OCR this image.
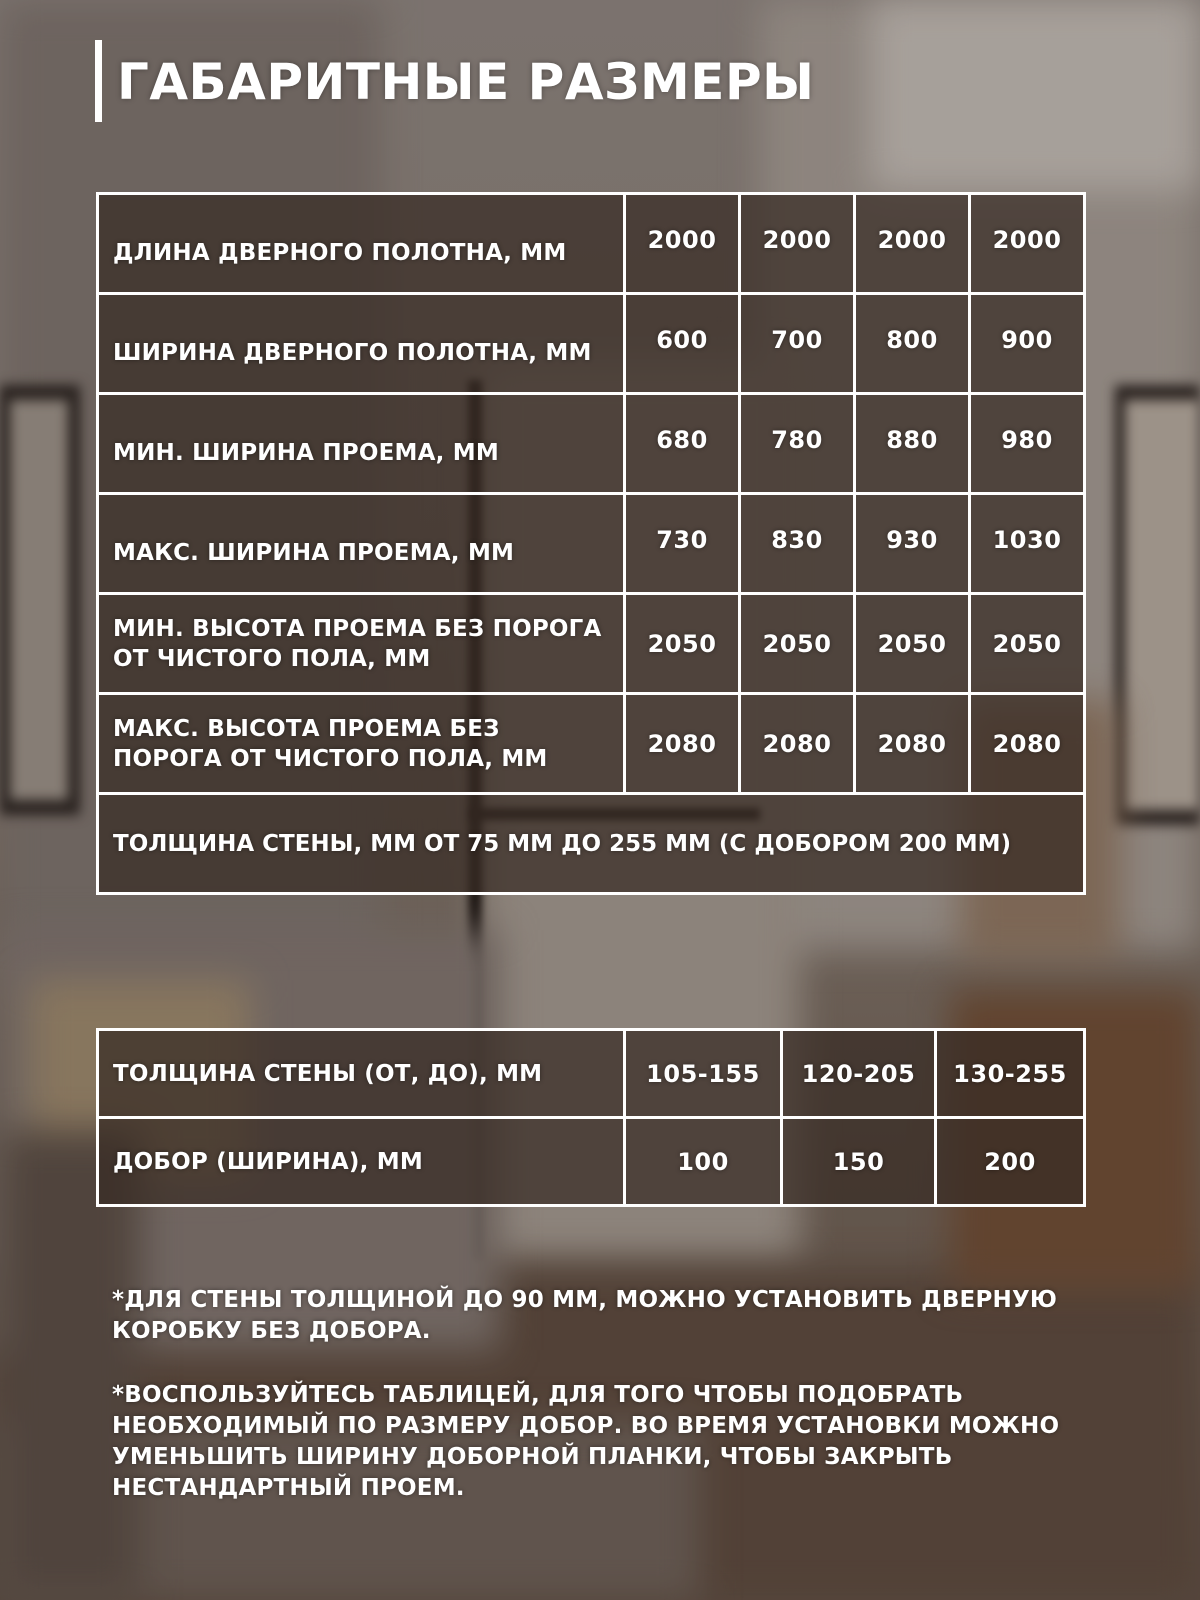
ГАБАРИТНЫЕ РАЗМЕРЫ
ДЛИНА ДВЕРНОГО ПОЛОТНА, ММ	2000	2000	2000	2000
ШИРИНА ДВЕРНОГО ПОЛОТНА, ММ	600	700	800	900
МИН. ШИРИНА ПРОЕМА, ММ	680	780	880	980
МАКС. ШИРИНА ПРОЕМА, ММ	730	830	930	1030
МИН. ВЫСОТА ПРОЕМА БЕЗ ПОРОГА ОТ ЧИСТОГО ПОЛА, ММ	2050	2050	2050	2050
МАКС. ВЫСОТА ПРОЕМА БЕЗ ПОРОГА ОТ ЧИСТОГО ПОЛА, ММ	2080	2080	2080	2080
ТОЛЩИНА СТЕНЫ, ММ ОТ 75 ММ ДО 255 ММ (С ДОБОРОМ 200 ММ)				
ТОЛЩИНА СТЕНЫ (ОТ, ДО), ММ	105-155	120-205	130-255
ДОБОР (ШИРИНА), ММ	100	150	200

*ДЛЯ СТЕНЫ ТОЛЩИНОЙ ДО 90 ММ, МОЖНО УСТАНОВИТЬ ДВЕРНУЮ
КОРОБКУ БЕЗ ДОБОРА.

*ВОСПОЛЬЗУЙТЕСЬ ТАБЛИЦЕЙ, ДЛЯ ТОГО ЧТОБЫ ПОДОБРАТЬ
НЕОБХОДИМЫЙ ПО РАЗМЕРУ ДОБОР. ВО ВРЕМЯ УСТАНОВКИ МОЖНО
УМЕНЬШИТЬ ШИРИНУ ДОБОРНОЙ ПЛАНКИ, ЧТОБЫ ЗАКРЫТЬ
НЕСТАНДАРТНЫЙ ПРОЕМ.
